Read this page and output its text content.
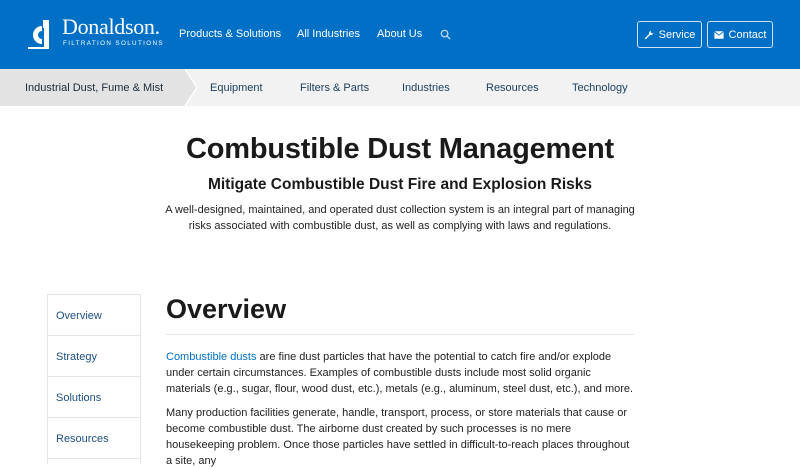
Donaldson.
FILTRATION SOLUTIONS
Products & Solutions All Industries About Us	Service	Contact
Industrial Dust, Fume & Mist	Equipment	Filters & Parts	Industries	Resources	Technology
Combustible Dust Management
Mitigate Combustible Dust Fire and Explosion Risks

A well-designed, maintained, and operated dust collection system is an integral part of managing risks associated with combustible dust, as well as complying with laws and regulations.

Overview
Strategy
Solutions
Resources
Overview

Combustible dusts are fine dust particles that have the potential to catch fire and/or explode under certain circumstances. Examples of combustible dusts include most solid organic materials (e.g., sugar, flour, wood dust, etc.), metals (e.g., aluminum, steel dust, etc.), and more.

Many production facilities generate, handle, transport, process, or store materials that cause or become combustible dust. The airborne dust created by such processes is no mere housekeeping problem. Once those particles have settled in difficult-to-reach places throughout a site, any
